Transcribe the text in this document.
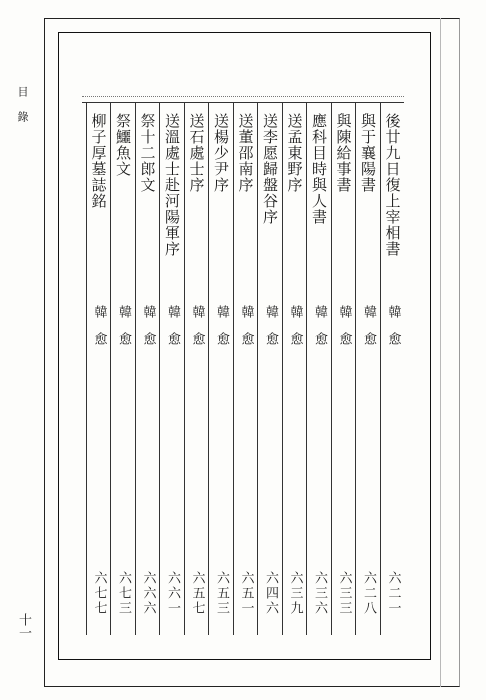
目錄
十一
後廿九日復上宰相書
韓愈
六二一
與于襄陽書
韓愈
六二八
與陳給事書
韓愈
六三三
應科目時與人書
韓愈
六三六
送孟東野序
韓愈
六三九
送李愿歸盤谷序
韓愈
六四六
送董邵南序
韓愈
六五一
送楊少尹序
韓愈
六五三
送石處士序
韓愈
六五七
送溫處士赴河陽軍序
韓愈
六六一
祭十二郎文
韓愈
六六六
祭鱷魚文
韓愈
六七三
柳子厚墓誌銘
韓愈
六七七
